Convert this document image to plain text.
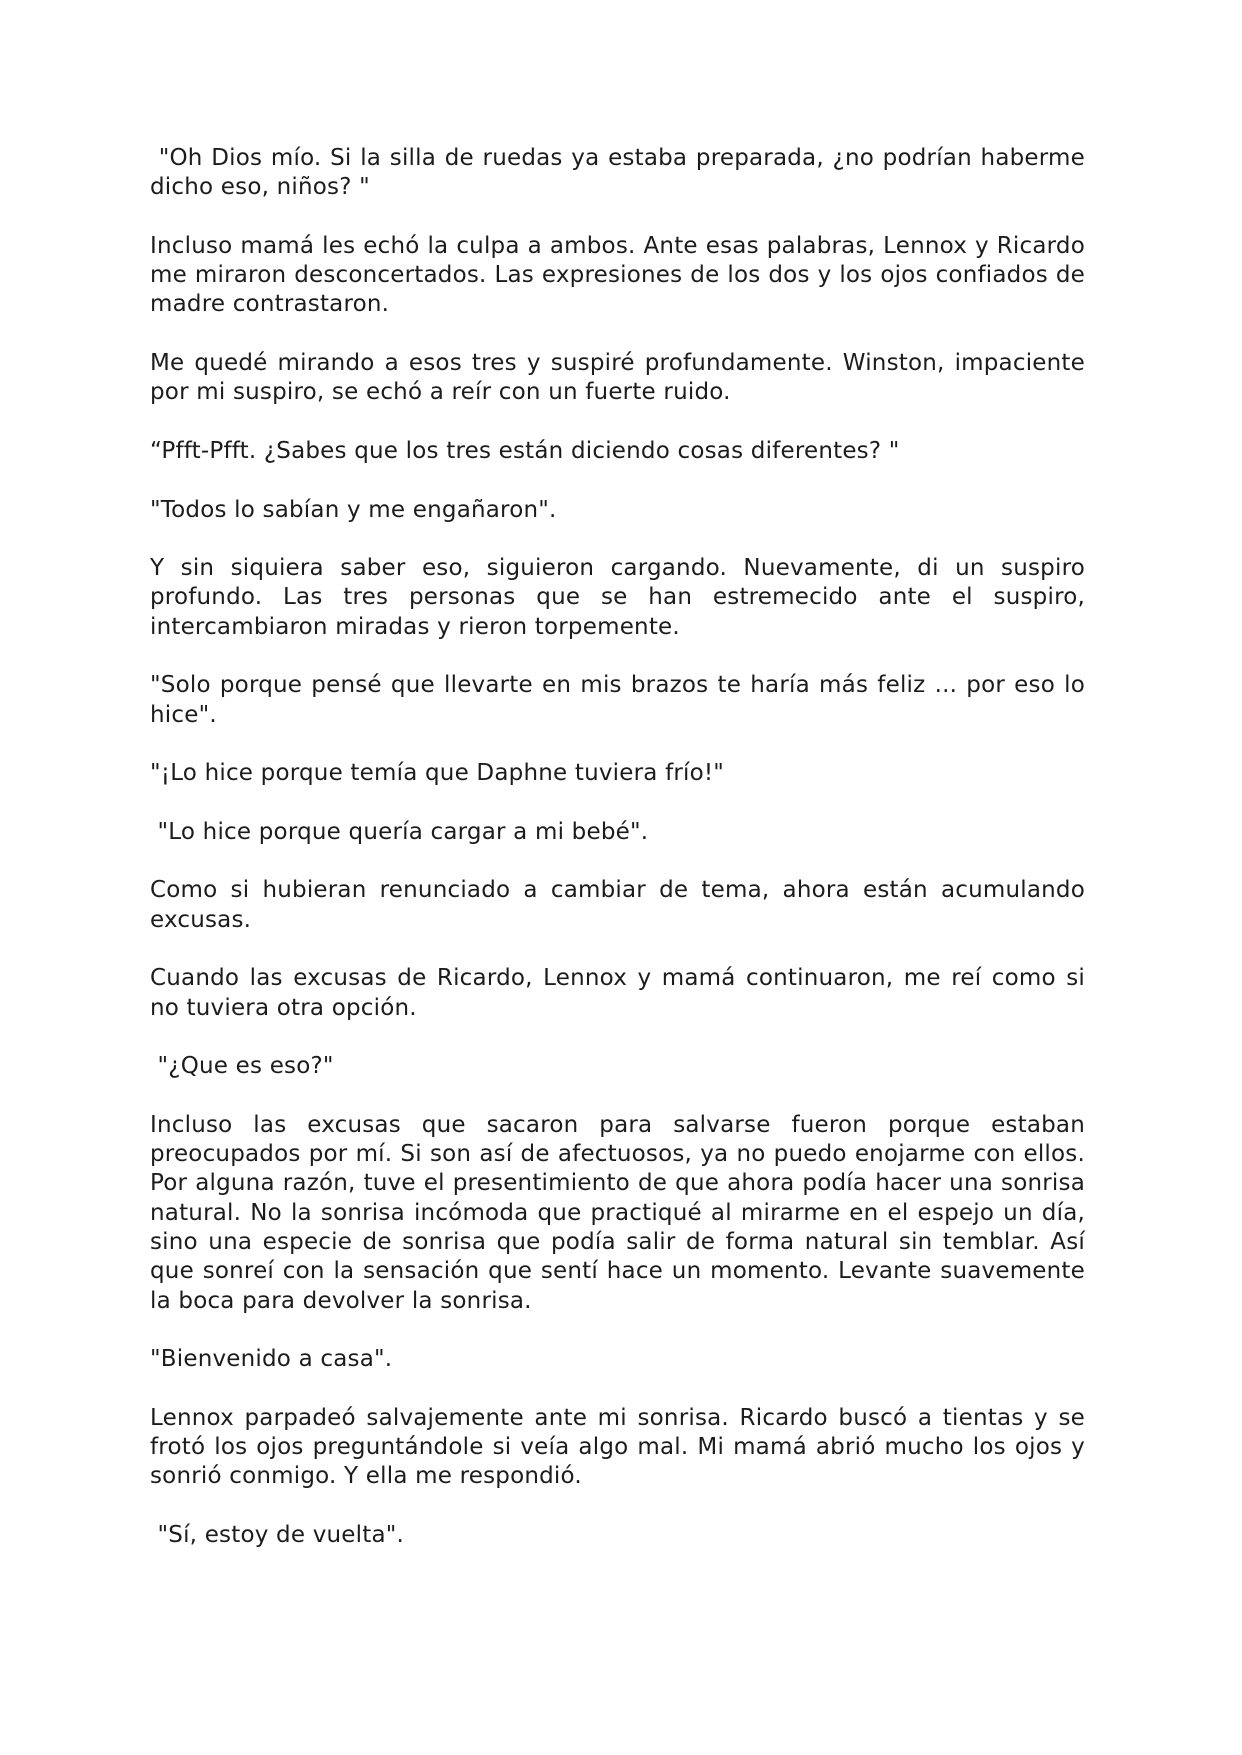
"Oh Dios mío. Si la silla de ruedas ya estaba preparada, ¿no podrían haberme dicho eso, niños? "

Incluso mamá les echó la culpa a ambos. Ante esas palabras, Lennox y Ricardo me miraron desconcertados. Las expresiones de los dos y los ojos confiados de madre contrastaron.

Me quedé mirando a esos tres y suspiré profundamente. Winston, impaciente por mi suspiro, se echó a reír con un fuerte ruido.

“Pfft-Pfft. ¿Sabes que los tres están diciendo cosas diferentes? "

"Todos lo sabían y me engañaron".

Y sin siquiera saber eso, siguieron cargando. Nuevamente, di un suspiro profundo. Las tres personas que se han estremecido ante el suspiro, intercambiaron miradas y rieron torpemente.

"Solo porque pensé que llevarte en mis brazos te haría más feliz ... por eso lo hice".

"¡Lo hice porque temía que Daphne tuviera frío!"

"Lo hice porque quería cargar a mi bebé".

Como si hubieran renunciado a cambiar de tema, ahora están acumulando excusas.

Cuando las excusas de Ricardo, Lennox y mamá continuaron, me reí como si no tuviera otra opción.

"¿Que es eso?"

Incluso las excusas que sacaron para salvarse fueron porque estaban preocupados por mí. Si son así de afectuosos, ya no puedo enojarme con ellos. Por alguna razón, tuve el presentimiento de que ahora podía hacer una sonrisa natural. No la sonrisa incómoda que practiqué al mirarme en el espejo un día, sino una especie de sonrisa que podía salir de forma natural sin temblar. Así que sonreí con la sensación que sentí hace un momento. Levante suavemente la boca para devolver la sonrisa.

"Bienvenido a casa".

Lennox parpadeó salvajemente ante mi sonrisa. Ricardo buscó a tientas y se frotó los ojos preguntándole si veía algo mal. Mi mamá abrió mucho los ojos y sonrió conmigo. Y ella me respondió.

"Sí, estoy de vuelta".
